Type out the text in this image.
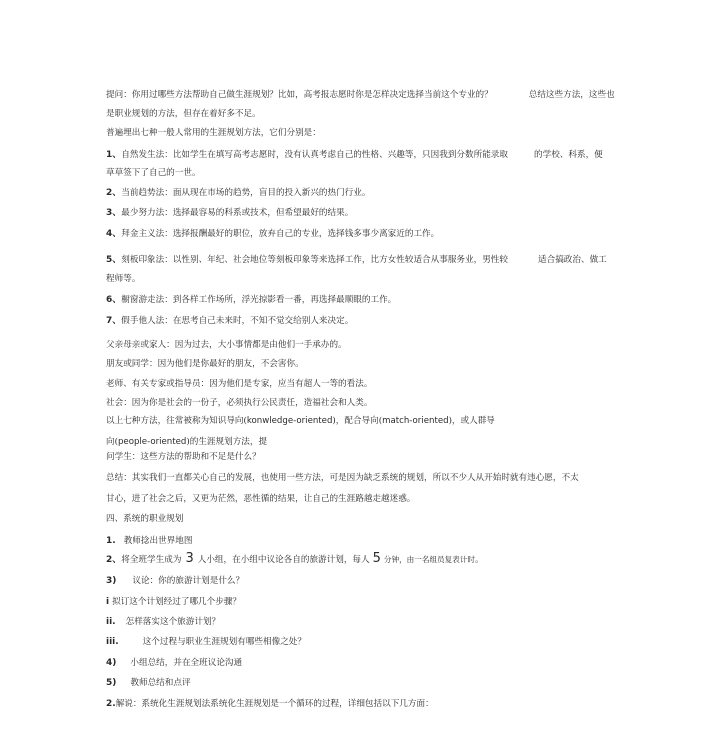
提问：你用过哪些方法帮助自己做生涯规划？比如，高考报志愿时你是怎样决定选择当前这个专业的？	总结这些方法，这些也
是职业规划的方法，但存在着好多不足。
普遍埋出七种一般人常用的生涯规划方法，它们分别是：
1、自然发生法：比如学生在填写高考志愿时，没有认真考虑自己的性格、兴趣等，只因我到分数所能录取	的学校、科系，便
草草签下了自己的一世。
2、当前趋势法：面从现在市场的趋势，盲目的投入新兴的热门行业。
3、最少努力法：选择最容易的科系或技术，但希望最好的结果。
4、拜金主义法：选择报酬最好的职位，放弃自己的专业，选择钱多事少离家近的工作。
5、刻板印象法：以性别、年纪、社会地位等刻板印象等来选择工作，比方女性较适合从事服务业，男性较	适合搞政治、做工
程师等。
6、橱窗游走法：到各样工作场所，浮光掠影看一番，再选择最顺眼的工作。
7、假手他人法：在思考自己未来时，不知不觉交给别人来决定。
父亲母亲或家人：因为过去，大小事情都是由他们一手承办的。
朋友或同学：因为他们是你最好的朋友，不会害你。
老师、有关专家或指导员：因为他们是专家，应当有超人一等的看法。
社会：因为你是社会的一份子，必须执行公民责任，造福社会和人类。
以上七种方法，往常被称为知识导向(konwledge-oriented)，配合导向(match-oriented)，或人群导
向(people-oriented)的生涯规划方法，提
问学生：这些方法的帮助和不足是什么？
总结：其实我们一直都关心自己的发展，也使用一些方法，可是因为缺乏系统的规划，所以不少人从开始时就有违心愿，不太
甘心，进了社会之后，又更为茫然，恶性循的结果，让自己的生涯路越走越迷惑。
四、系统的职业规划
1. 教师捻出世界地图
2、将全班学生成为 3 人小组，在小组中议论各自的旅游计划，每人 5 分钟，由一名组员复表计时。
3) 议论：你的旅游计划是什么？
i 拟订这个计划经过了哪几个步骤？
ii. 怎样落实这个旅游计划？
iii.	这个过程与职业生涯规划有哪些相像之处？
4) 小组总结，并在全班议论沟通
5) 教师总结和点评
2.解说：系统化生涯规划法系统化生涯规划是一个循环的过程，详细包括以下几方面：
